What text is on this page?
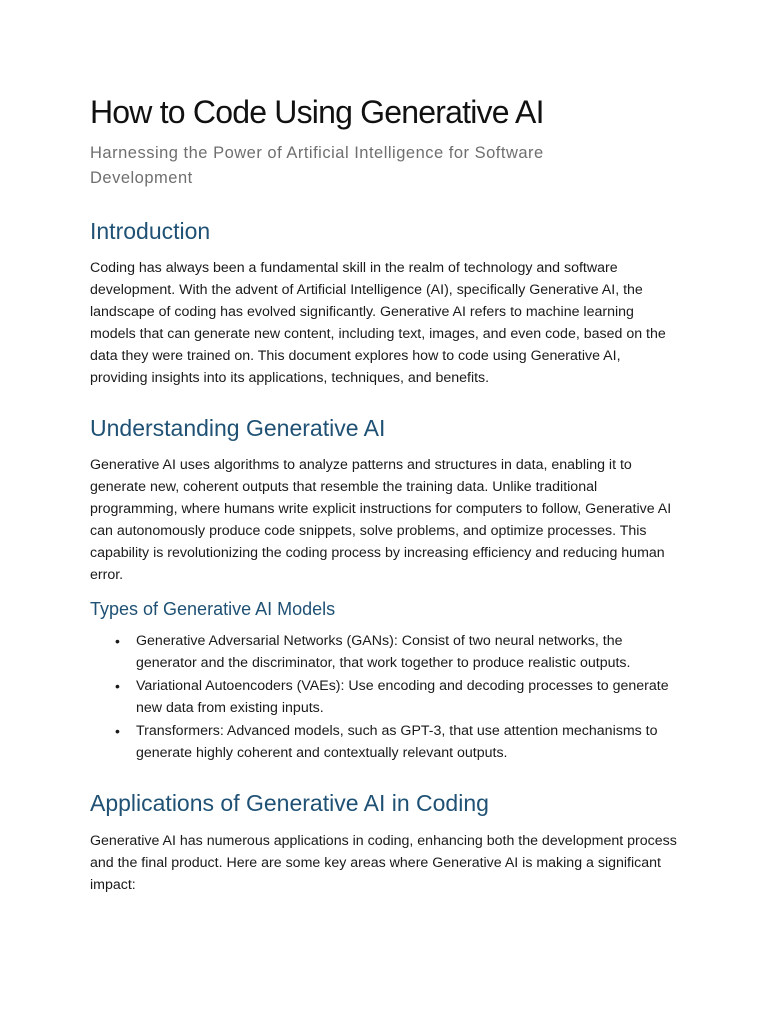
How to Code Using Generative AI

Harnessing the Power of Artificial Intelligence for Software Development

Introduction

Coding has always been a fundamental skill in the realm of technology and software development. With the advent of Artificial Intelligence (AI), specifically Generative AI, the landscape of coding has evolved significantly. Generative AI refers to machine learning models that can generate new content, including text, images, and even code, based on the data they were trained on. This document explores how to code using Generative AI, providing insights into its applications, techniques, and benefits.

Understanding Generative AI

Generative AI uses algorithms to analyze patterns and structures in data, enabling it to generate new, coherent outputs that resemble the training data. Unlike traditional programming, where humans write explicit instructions for computers to follow, Generative AI can autonomously produce code snippets, solve problems, and optimize processes. This capability is revolutionizing the coding process by increasing efficiency and reducing human error.

Types of Generative AI Models
• Generative Adversarial Networks (GANs): Consist of two neural networks, the generator and the discriminator, that work together to produce realistic outputs.
• Variational Autoencoders (VAEs): Use encoding and decoding processes to generate new data from existing inputs.
• Transformers: Advanced models, such as GPT-3, that use attention mechanisms to generate highly coherent and contextually relevant outputs.
Applications of Generative AI in Coding

Generative AI has numerous applications in coding, enhancing both the development process and the final product. Here are some key areas where Generative AI is making a significant impact:
